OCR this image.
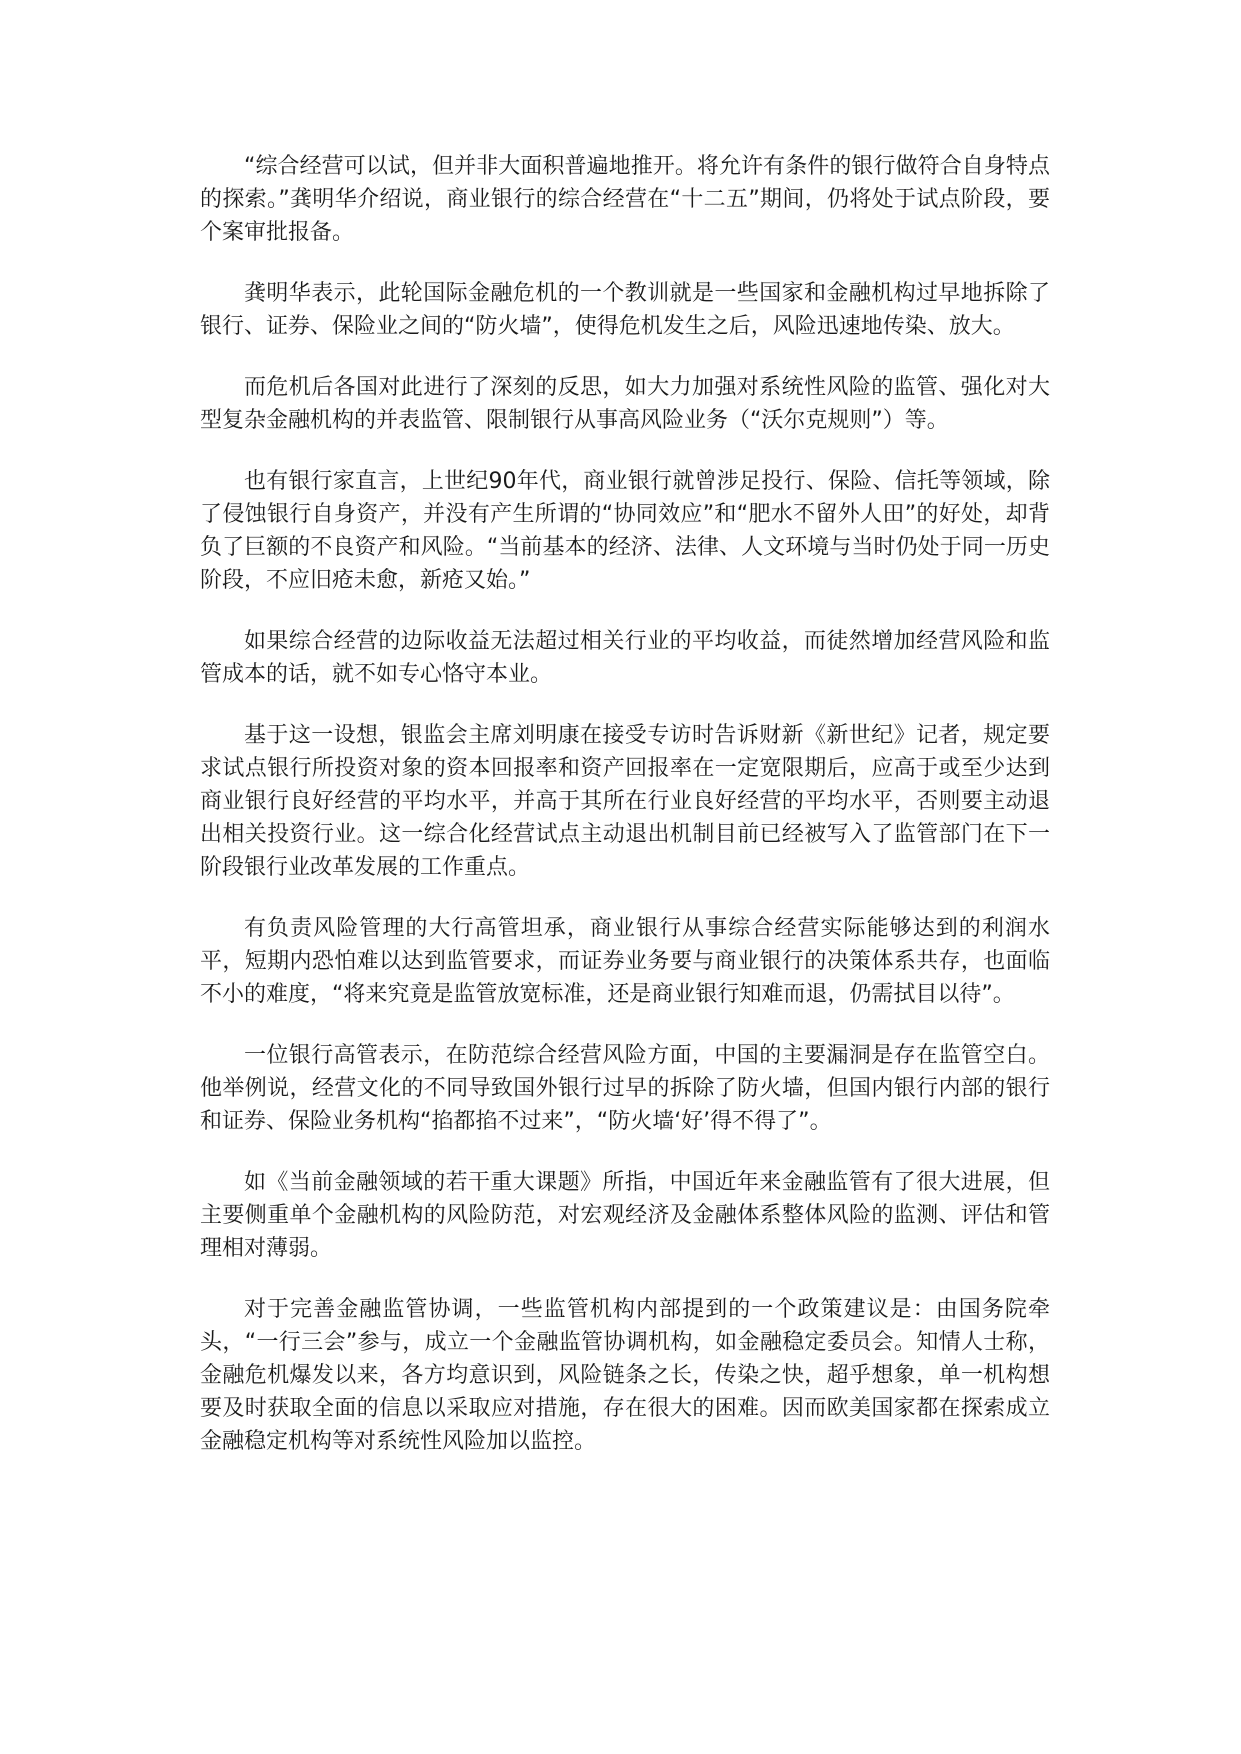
“综合经营可以试，但并非大面积普遍地推开。将允许有条件的银行做符合自身特点的探索。”龚明华介绍说，商业银行的综合经营在“十二五”期间，仍将处于试点阶段，要个案审批报备。

龚明华表示，此轮国际金融危机的一个教训就是一些国家和金融机构过早地拆除了银行、证券、保险业之间的“防火墙”，使得危机发生之后，风险迅速地传染、放大。

而危机后各国对此进行了深刻的反思，如大力加强对系统性风险的监管、强化对大型复杂金融机构的并表监管、限制银行从事高风险业务（“沃尔克规则”）等。

也有银行家直言，上世纪90年代，商业银行就曾涉足投行、保险、信托等领域，除了侵蚀银行自身资产，并没有产生所谓的“协同效应”和“肥水不留外人田”的好处，却背负了巨额的不良资产和风险。“当前基本的经济、法律、人文环境与当时仍处于同一历史阶段，不应旧疮未愈，新疮又始。”

如果综合经营的边际收益无法超过相关行业的平均收益，而徒然增加经营风险和监管成本的话，就不如专心恪守本业。

基于这一设想，银监会主席刘明康在接受专访时告诉财新《新世纪》记者，规定要求试点银行所投资对象的资本回报率和资产回报率在一定宽限期后，应高于或至少达到商业银行良好经营的平均水平，并高于其所在行业良好经营的平均水平，否则要主动退出相关投资行业。这一综合化经营试点主动退出机制目前已经被写入了监管部门在下一阶段银行业改革发展的工作重点。

有负责风险管理的大行高管坦承，商业银行从事综合经营实际能够达到的利润水平，短期内恐怕难以达到监管要求，而证券业务要与商业银行的决策体系共存，也面临不小的难度，“将来究竟是监管放宽标准，还是商业银行知难而退，仍需拭目以待”。

一位银行高管表示，在防范综合经营风险方面，中国的主要漏洞是存在监管空白。他举例说，经营文化的不同导致国外银行过早的拆除了防火墙，但国内银行内部的银行和证券、保险业务机构“掐都掐不过来”，“防火墙‘好’得不得了”。

如《当前金融领域的若干重大课题》所指，中国近年来金融监管有了很大进展，但主要侧重单个金融机构的风险防范，对宏观经济及金融体系整体风险的监测、评估和管理相对薄弱。

对于完善金融监管协调，一些监管机构内部提到的一个政策建议是：由国务院牵头，“一行三会”参与，成立一个金融监管协调机构，如金融稳定委员会。知情人士称，金融危机爆发以来，各方均意识到，风险链条之长，传染之快，超乎想象，单一机构想要及时获取全面的信息以采取应对措施，存在很大的困难。因而欧美国家都在探索成立金融稳定机构等对系统性风险加以监控。
